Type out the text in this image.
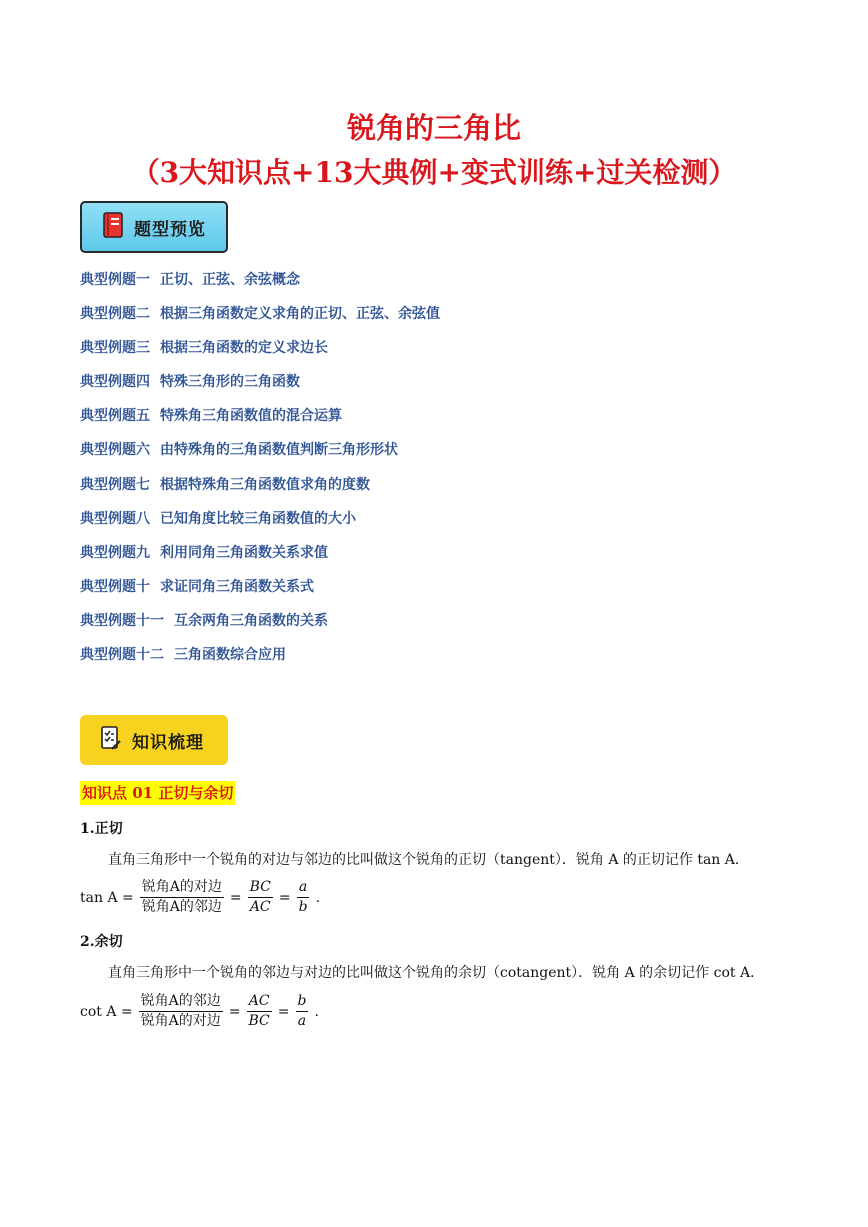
锐角的三角比
（3大知识点+13大典例+变式训练+过关检测）
题型预览
典型例题一 正切、正弦、余弦概念
典型例题二 根据三角函数定义求角的正切、正弦、余弦值
典型例题三 根据三角函数的定义求边长
典型例题四 特殊三角形的三角函数
典型例题五 特殊角三角函数值的混合运算
典型例题六 由特殊角的三角函数值判断三角形形状
典型例题七 根据特殊角三角函数值求角的度数
典型例题八 已知角度比较三角函数值的大小
典型例题九 利用同角三角函数关系求值
典型例题十 求证同角三角函数关系式
典型例题十一 互余两角三角函数的关系
典型例题十二 三角函数综合应用
知识梳理
知识点 01 正切与余切
1.正切
直角三角形中一个锐角的对边与邻边的比叫做这个锐角的正切（tangent）．锐角 A 的正切记作 tan A．
$\tan A = \frac{\text{锐角A的对边}}{\text{锐角A的邻边}} = \frac{BC}{AC} = \frac{a}{b}$ .
2.余切
直角三角形中一个锐角的邻边与对边的比叫做这个锐角的余切（cotangent）．锐角 A 的余切记作 cot A．
$\cot A = \frac{\text{锐角A的邻边}}{\text{锐角A的对边}} = \frac{AC}{BC} = \frac{b}{a}$ .
